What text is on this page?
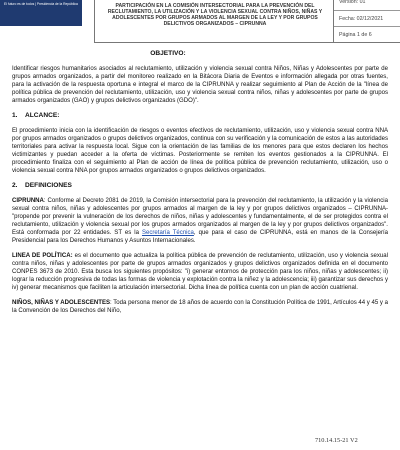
El futuro es de todos | Presidencia de la República	PARTICIPACIÓN EN LA COMISIÓN INTERSECTORIAL PARA LA PREVENCIÓN DEL RECLUTAMIENTO, LA UTILIZACIÓN Y LA VIOLENCIA SEXUAL CONTRA NIÑOS, NIÑAS Y ADOLESCENTES POR GRUPOS ARMADOS AL MARGEN DE LA LEY Y POR GRUPOS DELICTIVOS ORGANIZADOS – CIPRUNNA
Versión: 01
Fecha: 02/12/2021
Página 1 de 6
OBJETIVO:

Identificar riesgos humanitarios asociados al reclutamiento, utilización y violencia sexual contra Niños, Niñas y Adolescentes por parte de grupos armados organizados, a partir del monitoreo realizado en la Bitácora Diaria de Eventos e información allegada por otras fuentes, para la activación de la respuesta oportuna e integral el marco de la CIPRUNNA y realizar seguimiento al Plan de Acción de la "línea de política pública de prevención del reclutamiento, utilización, uso y violencia sexual contra niños, niñas y adolescentes por parte de grupos armados organizados (GAO) y grupos delictivos organizados (GDO)".

1. ALCANCE:

El procedimiento inicia con la identificación de riesgos o eventos efectivos de reclutamiento, utilización, uso y violencia sexual contra NNA por grupos armados organizados o grupos delictivos organizados, continua con su verificación y la comunicación de estos a las autoridades territoriales para activar la respuesta local. Sigue con la orientación de las familias de los menores para que estos declaren los hechos victimizantes y puedan acceder a la oferta de víctimas. Posteriormente se remiten los eventos gestionados a la CIPRUNNA. El procedimiento finaliza con el seguimiento al Plan de acción de línea de política pública de prevención reclutamiento, utilización, uso o violencia sexual contra NNA por grupos armados organizados o grupos delictivos organizados.

2. DEFINICIONES

CIPRUNNA: Conforme al Decreto 2081 de 2019, la Comisión intersectorial para la prevención del reclutamiento, la utilización y la violencia sexual contra niños, niñas y adolescentes por grupos armados al margen de la ley y por grupos delictivos organizados – CIPRUNNA- "propende por prevenir la vulneración de los derechos de niños, niñas y adolescentes y fundamentalmente, el de ser protegidos contra el reclutamiento, utilización y violencia sexual por los grupos armados organizados al margen de la ley y por grupos delictivos organizados". Está conformada por 22 entidades. ST es la Secretaría Técnica, que para el caso de CIPRUNNA, está en manos de la Consejería Presidencial para los Derechos Humanos y Asuntos Internacionales.

LINEA DE POLÍTICA: es el documento que actualiza la política pública de prevención de reclutamiento, utilización, uso y violencia sexual contra niños, niñas y adolescentes por parte de grupos armados organizados y grupos delictivos organizados definida en el documento CONPES 3673 de 2010. Esta busca los siguientes propósitos: "i) generar entornos de protección para los niños, niñas y adolescentes; ii) lograr la reducción progresiva de todas las formas de violencia y explotación contra la niñez y la adolescencia; iii) garantizar sus derechos y iv) generar mecanismos que faciliten la articulación intersectorial. Dicha línea de política cuenta con un plan de acción cuatrienal.

NIÑOS, NIÑAS Y ADOLESCENTES: Toda persona menor de 18 años de acuerdo con la Constitución Política de 1991, Artículos 44 y 45 y a la Convención de los Derechos del Niño,

710.14.15-21 V2
